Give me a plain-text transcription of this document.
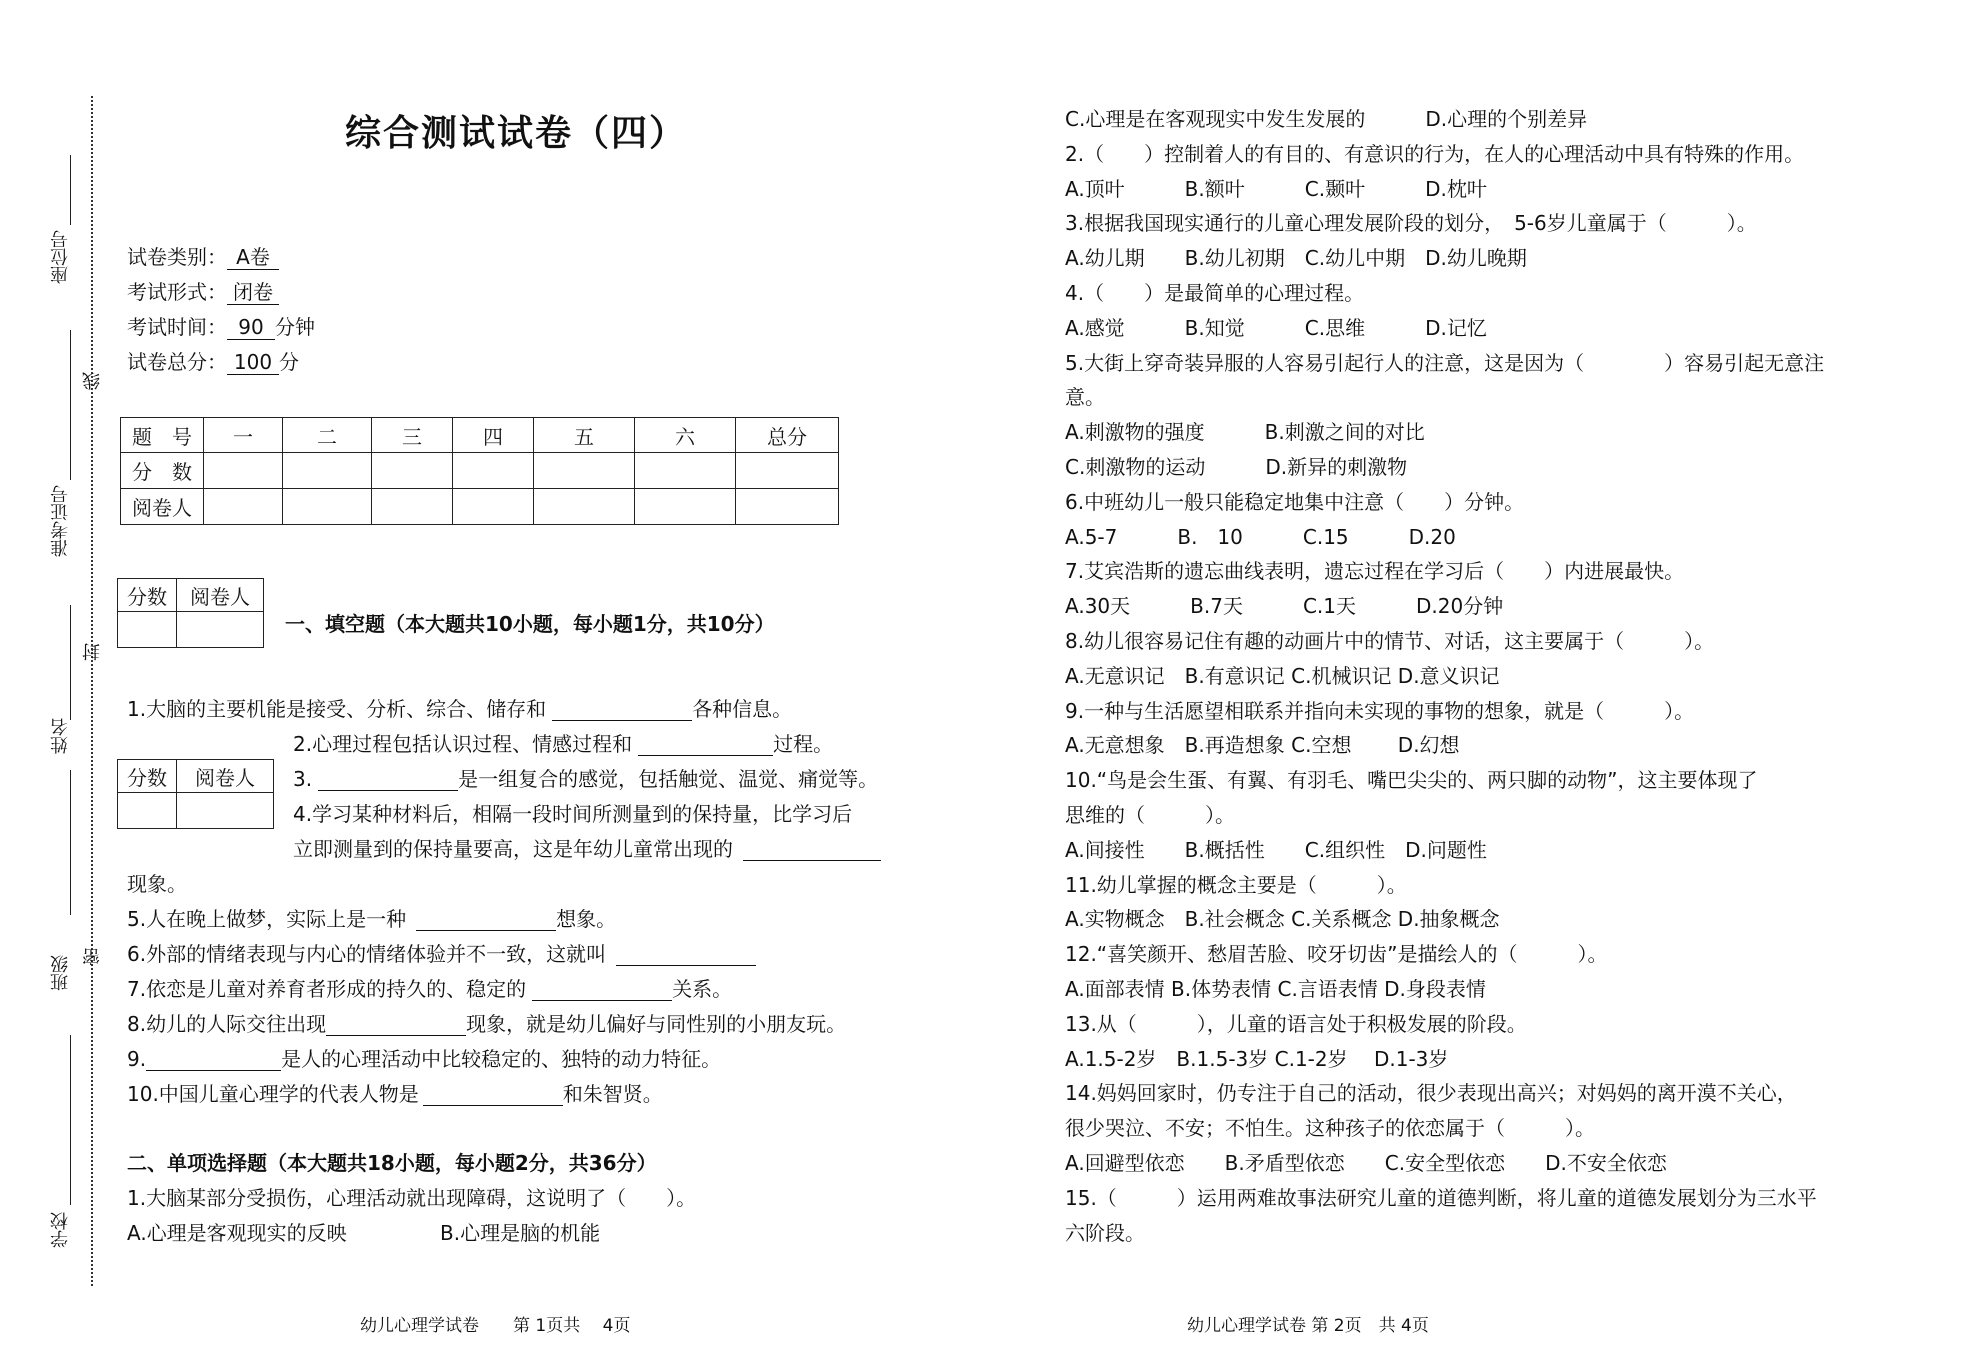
座位号
线
准考证号
封
姓名
班级 密
学校
综合测试试卷（四）
试卷类别： A卷
考试形式： 闭卷
考试时间： 90 分钟
试卷总分： 100 分
题　号	一	二	三	四	五	六	总分
分　数							
阅卷人							
分数	阅卷人

一、填空题（本大题共10小题，每小题1分，共10分）
1.大脑的主要机能是接受、分析、综合、储存和	各种信息。
2.心理过程包括认识过程、情感过程和	过程。
分数	阅卷人
	3.	是一组复合的感觉，包括触觉、温觉、痛觉等。
4.学习某种材料后，相隔一段时间所测量到的保持量，比学习后
立即测量到的保持量要高，这是年幼儿童常出现的
现象。
5.人在晚上做梦，实际上是一种	想象。
6.外部的情绪表现与内心的情绪体验并不一致，这就叫
7.依恋是儿童对养育者形成的持久的、稳定的	关系。
8.幼儿的人际交往出现	现象，就是幼儿偏好与同性别的小朋友玩。
9.	是人的心理活动中比较稳定的、独特的动力特征。
10.中国儿童心理学的代表人物是	和朱智贤。
二、单项选择题（本大题共18小题，每小题2分，共36分）
1.大脑某部分受损伤，心理活动就出现障碍，这说明了（　　）。
A.心理是客观现实的反映	B.心理是脑的机能
C.心理是在客观现实中发生发展的　　　D.心理的个别差异
2.（　　）控制着人的有目的、有意识的行为，在人的心理活动中具有特殊的作用。
A.顶叶　　　B.额叶　　　C.颞叶　　　D.枕叶
3.根据我国现实通行的儿童心理发展阶段的划分，　5-6岁儿童属于（　　　）。
A.幼儿期　　B.幼儿初期　C.幼儿中期　D.幼儿晚期
4.（　　）是最简单的心理过程。
A.感觉　　　B.知觉　　　C.思维　　　D.记忆
5.大街上穿奇装异服的人容易引起行人的注意，这是因为（　　　　）容易引起无意注
意。
A.刺激物的强度　　　B.刺激之间的对比
C.刺激物的运动　　　D.新异的刺激物
6.中班幼儿一般只能稳定地集中注意（　　）分钟。
A.5-7　　　B.　10　　　C.15　　　D.20
7.艾宾浩斯的遗忘曲线表明，遗忘过程在学习后（　　）内进展最快。
A.30天　　　B.7天　　　C.1天　　　D.20分钟
8.幼儿很容易记住有趣的动画片中的情节、对话，这主要属于（　　　）。
A.无意识记　B.有意识记 C.机械识记 D.意义识记
9.一种与生活愿望相联系并指向未实现的事物的想象，就是（　　　）。
A.无意想象　B.再造想象 C.空想　　 D.幻想
10.“鸟是会生蛋、有翼、有羽毛、嘴巴尖尖的、两只脚的动物”，这主要体现了
思维的（　　　）。
A.间接性　　B.概括性　　C.组织性　D.问题性
11.幼儿掌握的概念主要是（　　　）。
A.实物概念　B.社会概念 C.关系概念 D.抽象概念
12.“喜笑颜开、愁眉苦脸、咬牙切齿”是描绘人的（　　　）。
A.面部表情 B.体势表情 C.言语表情 D.身段表情
13.从（　　　），儿童的语言处于积极发展的阶段。
A.1.5-2岁　B.1.5-3岁 C.1-2岁　 D.1-3岁
14.妈妈回家时，仍专注于自己的活动，很少表现出高兴；对妈妈的离开漠不关心，
很少哭泣、不安；不怕生。这种孩子的依恋属于（　　　）。
A.回避型依恋　　B.矛盾型依恋　　C.安全型依恋　　D.不安全依恋
15.（　　　）运用两难故事法研究儿童的道德判断，将儿童的道德发展划分为三水平
六阶段。
幼儿心理学试卷　　第 1页共　 4页	幼儿心理学试卷 第 2页　共 4页
